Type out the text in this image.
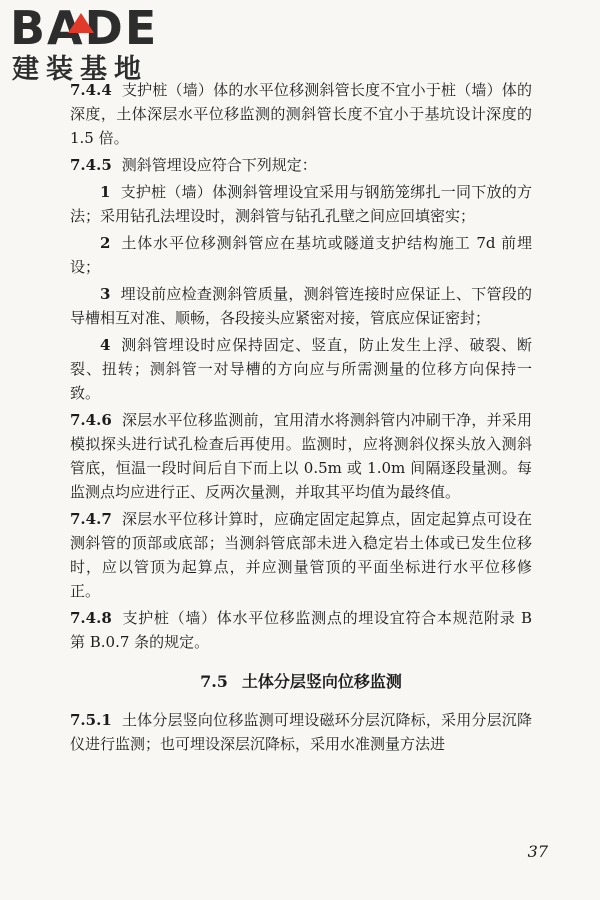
BADE
建装基地

7.4.4 支护桩（墙）体的水平位移测斜管长度不宜小于桩（墙）体的深度，土体深层水平位移监测的测斜管长度不宜小于基坑设计深度的 1.5 倍。

7.4.5 测斜管埋设应符合下列规定：

1 支护桩（墙）体测斜管埋设宜采用与钢筋笼绑扎一同下放的方法；采用钻孔法埋设时，测斜管与钻孔孔壁之间应回填密实；

2 土体水平位移测斜管应在基坑或隧道支护结构施工 7d 前埋设；

3 埋设前应检查测斜管质量，测斜管连接时应保证上、下管段的导槽相互对准、顺畅，各段接头应紧密对接，管底应保证密封；

4 测斜管埋设时应保持固定、竖直，防止发生上浮、破裂、断裂、扭转；测斜管一对导槽的方向应与所需测量的位移方向保持一致。

7.4.6 深层水平位移监测前，宜用清水将测斜管内冲刷干净，并采用模拟探头进行试孔检查后再使用。监测时，应将测斜仪探头放入测斜管底，恒温一段时间后自下而上以 0.5m 或 1.0m 间隔逐段量测。每监测点均应进行正、反两次量测，并取其平均值为最终值。

7.4.7 深层水平位移计算时，应确定固定起算点，固定起算点可设在测斜管的顶部或底部；当测斜管底部未进入稳定岩土体或已发生位移时，应以管顶为起算点，并应测量管顶的平面坐标进行水平位移修正。

7.4.8 支护桩（墙）体水平位移监测点的埋设宜符合本规范附录 B 第 B.0.7 条的规定。

7.5 土体分层竖向位移监测

7.5.1 土体分层竖向位移监测可埋设磁环分层沉降标，采用分层沉降仪进行监测；也可埋设深层沉降标，采用水准测量方法进

37
